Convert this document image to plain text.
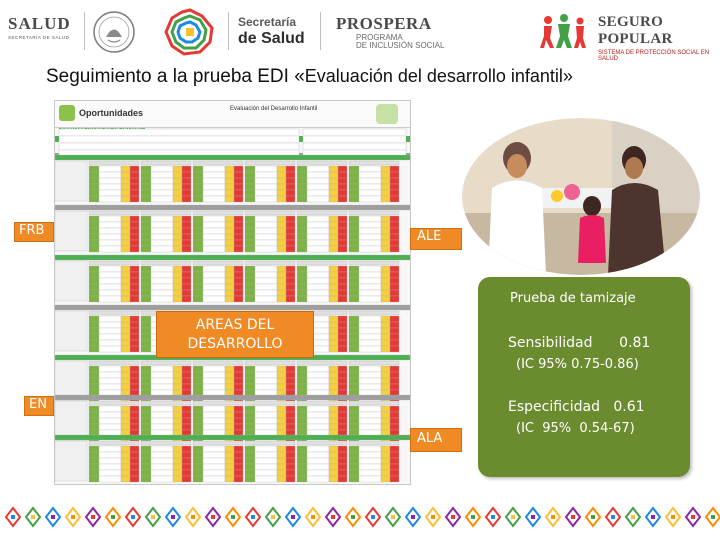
SALUD
SECRETARÍA DE SALUD
Secretaría
de Salud
PROSPERA
PROGRAMA
DE INCLUSIÓN SOCIAL
SEGURO POPULAR
SISTEMA DE PROTECCIÓN SOCIAL EN SALUD
Seguimiento a la prueba EDI «Evaluación del desarrollo infantil»
Oportunidades	Evaluación del Desarrollo Infantil
FRB	ALE
EN
ALA
AREAS DEL
DESARROLLO
Prueba de tamizaje
Sensibilidad 0.81
(IC 95% 0.75-0.86)
Especificidad 0.61
(IC  95%  0.54-67)
